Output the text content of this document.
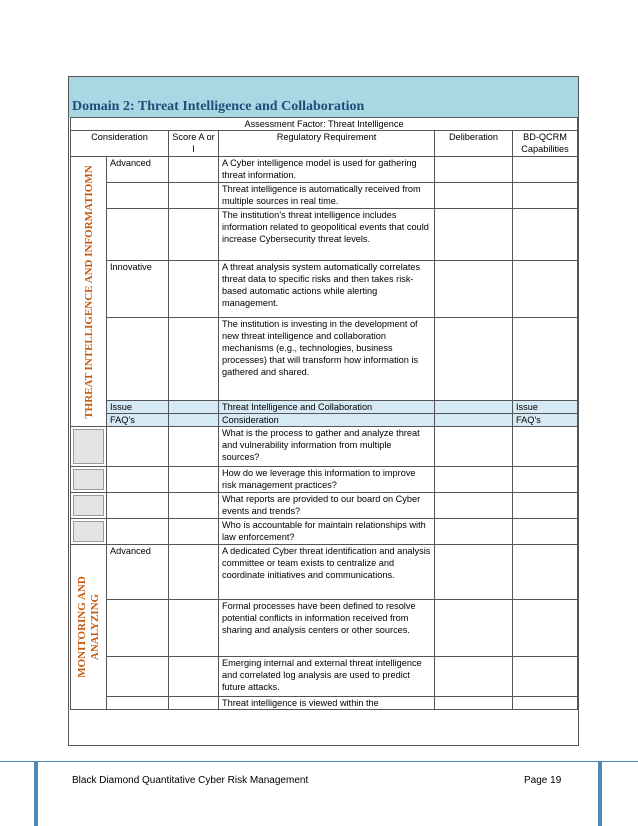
Domain 2: Threat Intelligence and Collaboration
Assessment Factor: Threat Intelligence					
Consideration		Score A or I	Regulatory Requirement	Deliberation	BD-QCRM Capabilities

THREAT INTELLIGENCE AND INFORMATIOMN	Advanced		A Cyber intelligence model is used for gathering threat information.		
			Threat intelligence is automatically received from multiple sources in real time.		
			The institution’s threat intelligence includes information related to geopolitical events that could increase Cybersecurity threat levels.		
	Innovative		A threat analysis system automatically correlates threat data to specific risks and then takes risk-based automatic actions while alerting management.		
			The institution is investing in the development of new threat intelligence and collaboration mechanisms (e.g., technologies, business processes) that will transform how information is gathered and shared.		
	Issue		Threat Intelligence and Collaboration		Issue
	FAQ’s		Consideration		FAQ’s
			What is the process to gather and analyze threat and vulnerability information from multiple sources?		
			How do we leverage this information to improve risk management practices?		
			What reports are provided to our board on Cyber events and trends?		
			Who is accountable for maintain relationships with law enforcement?		

MONITORING AND ANALYZING	Advanced		A dedicated Cyber threat identification and analysis committee or team exists to centralize and coordinate initiatives and communications.		
			Formal processes have been defined to resolve potential conflicts in information received from sharing and analysis centers or other sources.		
			Emerging internal and external threat intelligence and correlated log analysis are used to predict future attacks.		
			Threat intelligence is viewed within the		
Black Diamond Quantitative Cyber Risk Management	Page 19
